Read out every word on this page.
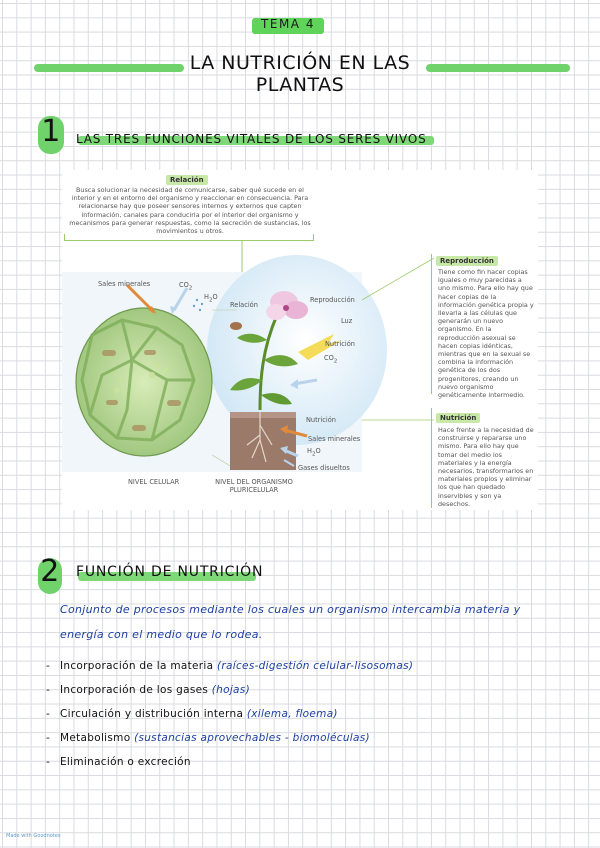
TEMA 4
LA NUTRICIÓN EN LAS PLANTAS
1 LAS TRES FUNCIONES VITALES DE LOS SERES VIVOS
Relación
Busca solucionar la necesidad de comunicarse, saber qué sucede en el interior y en el entorno del organismo y reaccionar en consecuencia. Para relacionarse hay que poseer sensores internos y externos que capten información, canales para conducirla por el interior del organismo y mecanismos para generar respuestas, como la secreción de sustancias, los movimientos u otros.
Sales minerales	$CO_2$
$H_2O$
Relación
Reproducción
Luz
Nutrición
$CO_2$
Nutrición
Sales minerales
$H_2O$
Gases disueltos
NIVEL CELULAR	NIVEL DEL ORGANISMO PLURICELULAR
Reproducción
Tiene como fin hacer copias iguales o muy parecidas a uno mismo. Para ello hay que hacer copias de la información genética propia y llevarla a las células que generarán un nuevo organismo. En la reproducción asexual se hacen copias idénticas, mientras que en la sexual se combina la información genética de los dos progenitores, creando un nuevo organismo genéticamente intermedio.
Nutrición
Hace frente a la necesidad de construirse y repararse uno mismo. Para ello hay que tomar del medio los materiales y la energía necesarios, transformarlos en materiales propios y eliminar los que han quedado inservibles y son ya desechos.
2 FUNCIÓN DE NUTRICIÓN
Conjunto de procesos mediante los cuales un organismo intercambia materia y
energía con el medio que lo rodea.
- Incorporación de la materia (raíces-digestión celular-lisosomas)
- Incorporación de los gases (hojas)
- Circulación y distribución interna (xilema, floema)
- Metabolismo (sustancias aprovechables - biomoléculas)
- Eliminación o excreción
Made with Goodnotes
